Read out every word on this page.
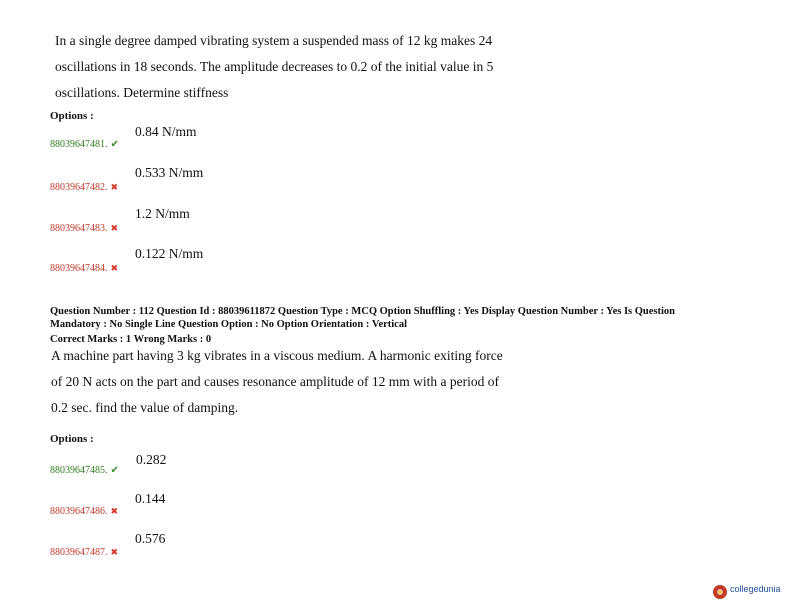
In a single degree damped vibrating system a suspended mass of 12 kg makes 24
oscillations in 18 seconds. The amplitude decreases to 0.2 of the initial value in 5
oscillations. Determine stiffness
Options :
88039647481. ✔
0.84 N/mm
88039647482. ✖
0.533 N/mm
88039647483. ✖
1.2 N/mm
88039647484. ✖
0.122 N/mm
Question Number : 112 Question Id : 88039611872 Question Type : MCQ Option Shuffling : Yes Display Question Number : Yes Is Question
Mandatory : No Single Line Question Option : No Option Orientation : Vertical
Correct Marks : 1 Wrong Marks : 0
A machine part having 3 kg vibrates in a viscous medium. A harmonic exiting force
of 20 N acts on the part and causes resonance amplitude of 12 mm with a period of
0.2 sec. find the value of damping.
Options :
88039647485. ✔
0.282
88039647486. ✖
0.144
88039647487. ✖
0.576
collegedunia
